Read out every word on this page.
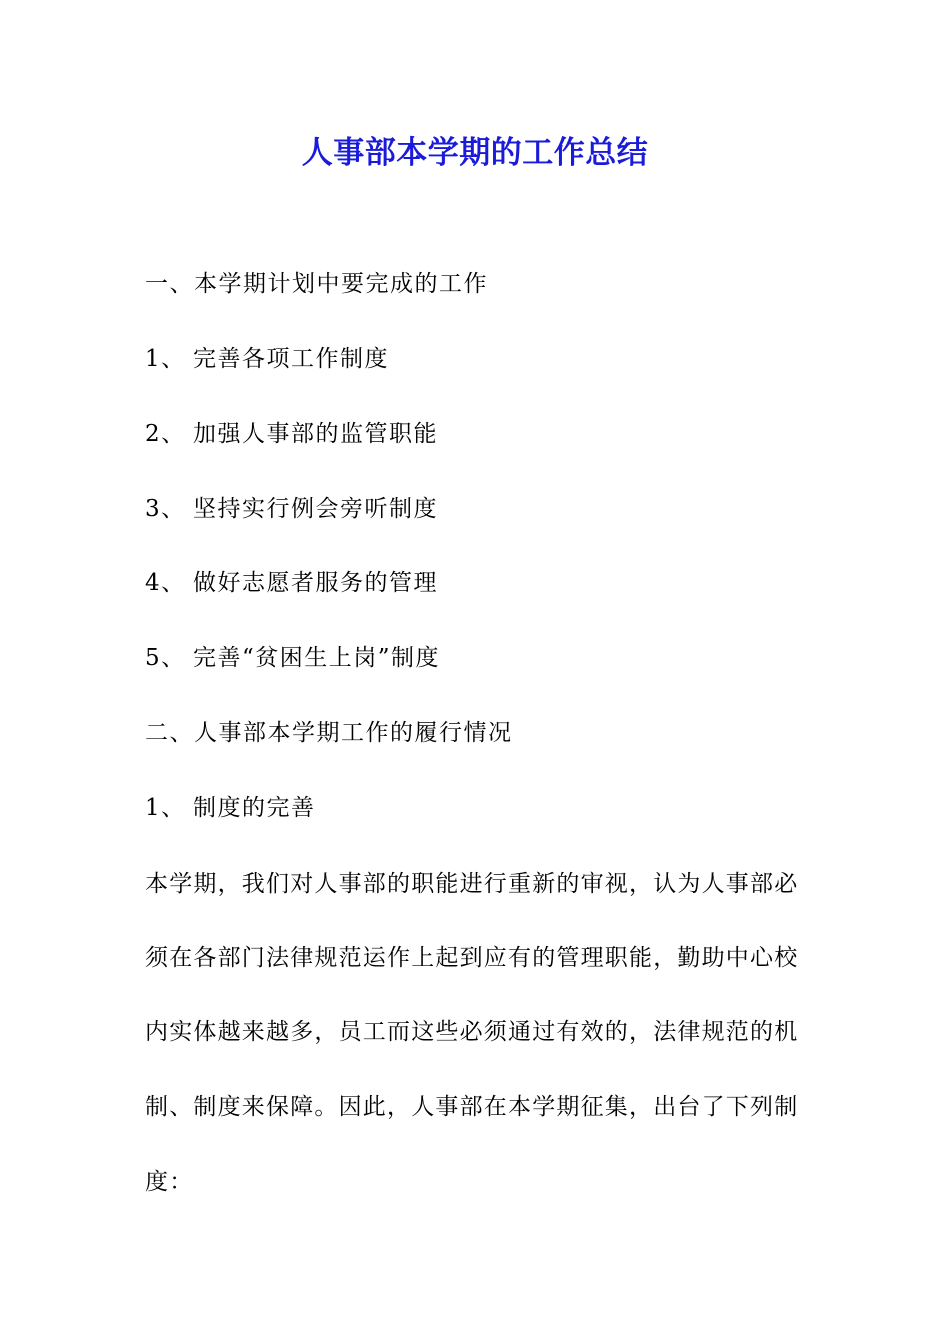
人事部本学期的工作总结
一、本学期计划中要完成的工作
1、 完善各项工作制度
2、 加强人事部的监管职能
3、 坚持实行例会旁听制度
4、 做好志愿者服务的管理
5、 完善“贫困生上岗”制度
二、人事部本学期工作的履行情况
1、 制度的完善
本学期，我们对人事部的职能进行重新的审视，认为人事部必
须在各部门法律规范运作上起到应有的管理职能，勤助中心校
内实体越来越多，员工而这些必须通过有效的，法律规范的机
制、制度来保障。因此，人事部在本学期征集，出台了下列制
度：
